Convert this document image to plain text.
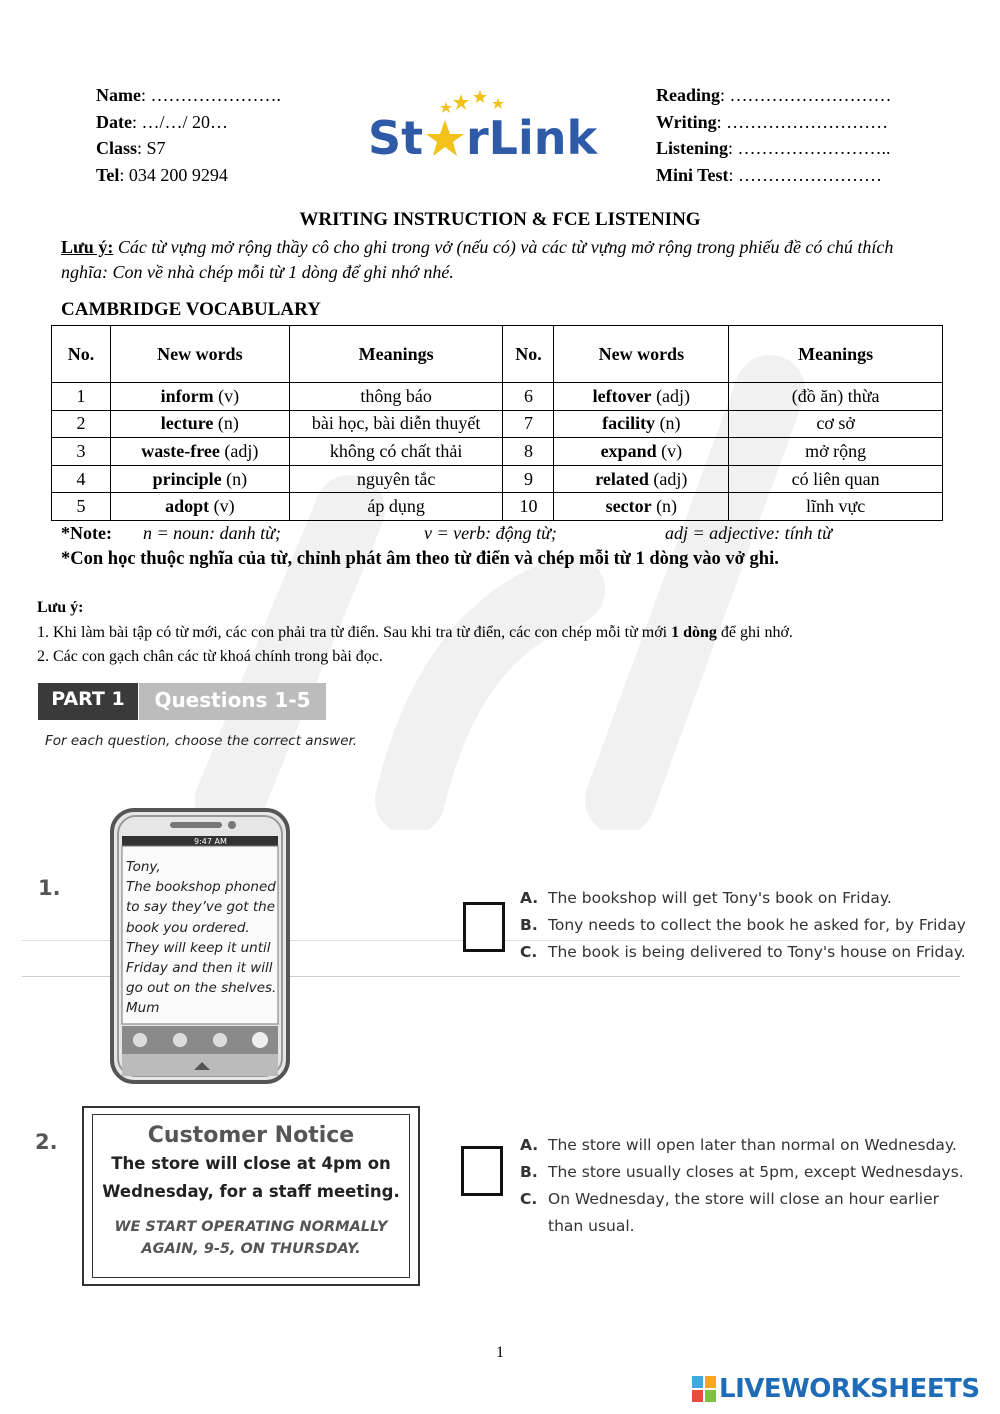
Name: ………………….
Date: …/…/ 20…
Class: S7
Tel: 034 200 9294
St rLink
Reading: ………………………
Writing: ………………………
Listening: ……………………..
Mini Test: ……………………
WRITING INSTRUCTION & FCE LISTENING
Lưu ý: Các từ vựng mở rộng thầy cô cho ghi trong vở (nếu có) và các từ vựng mở rộng trong phiếu đề có chú thích nghĩa: Con về nhà chép mỗi từ 1 dòng để ghi nhớ nhé.
CAMBRIDGE VOCABULARY
No.	New words	Meanings	No.	New words	Meanings
1	inform (v)	thông báo	6	leftover (adj)	(đồ ăn) thừa
2	lecture (n)	bài học, bài diễn thuyết	7	facility (n)	cơ sở
3	waste-free (adj)	không có chất thải	8	expand (v)	mở rộng
4	principle (n)	nguyên tắc	9	related (adj)	có liên quan
5	adopt (v)	áp dụng	10	sector (n)	lĩnh vực
*Note: n = noun: danh từ;	v = verb: động từ;	adj = adjective: tính từ
*Con học thuộc nghĩa của từ, chỉnh phát âm theo từ điển và chép mỗi từ 1 dòng vào vở ghi.
Lưu ý:
1. Khi làm bài tập có từ mới, các con phải tra từ điển. Sau khi tra từ điển, các con chép mỗi từ mới 1 dòng để ghi nhớ.
2. Các con gạch chân các từ khoá chính trong bài đọc.
PART 1	Questions 1-5
For each question, choose the correct answer.
1.
9:47 AM
Tony,
The bookshop phoned
to say they’ve got the
book you ordered.
They will keep it until
Friday and then it will
go out on the shelves.
Mum
A. The bookshop will get Tony's book on Friday.
B. Tony needs to collect the book he asked for, by Friday
C. The book is being delivered to Tony's house on Friday.
2.	Customer Notice
The store will close at 4pm on
Wednesday, for a staff meeting.
WE START OPERATING NORMALLY
AGAIN, 9-5, ON THURSDAY.
A. The store will open later than normal on Wednesday.
B. The store usually closes at 5pm, except Wednesdays.
C. On Wednesday, the store will close an hour earlier
than usual.
1
LIVEWORKSHEETS
